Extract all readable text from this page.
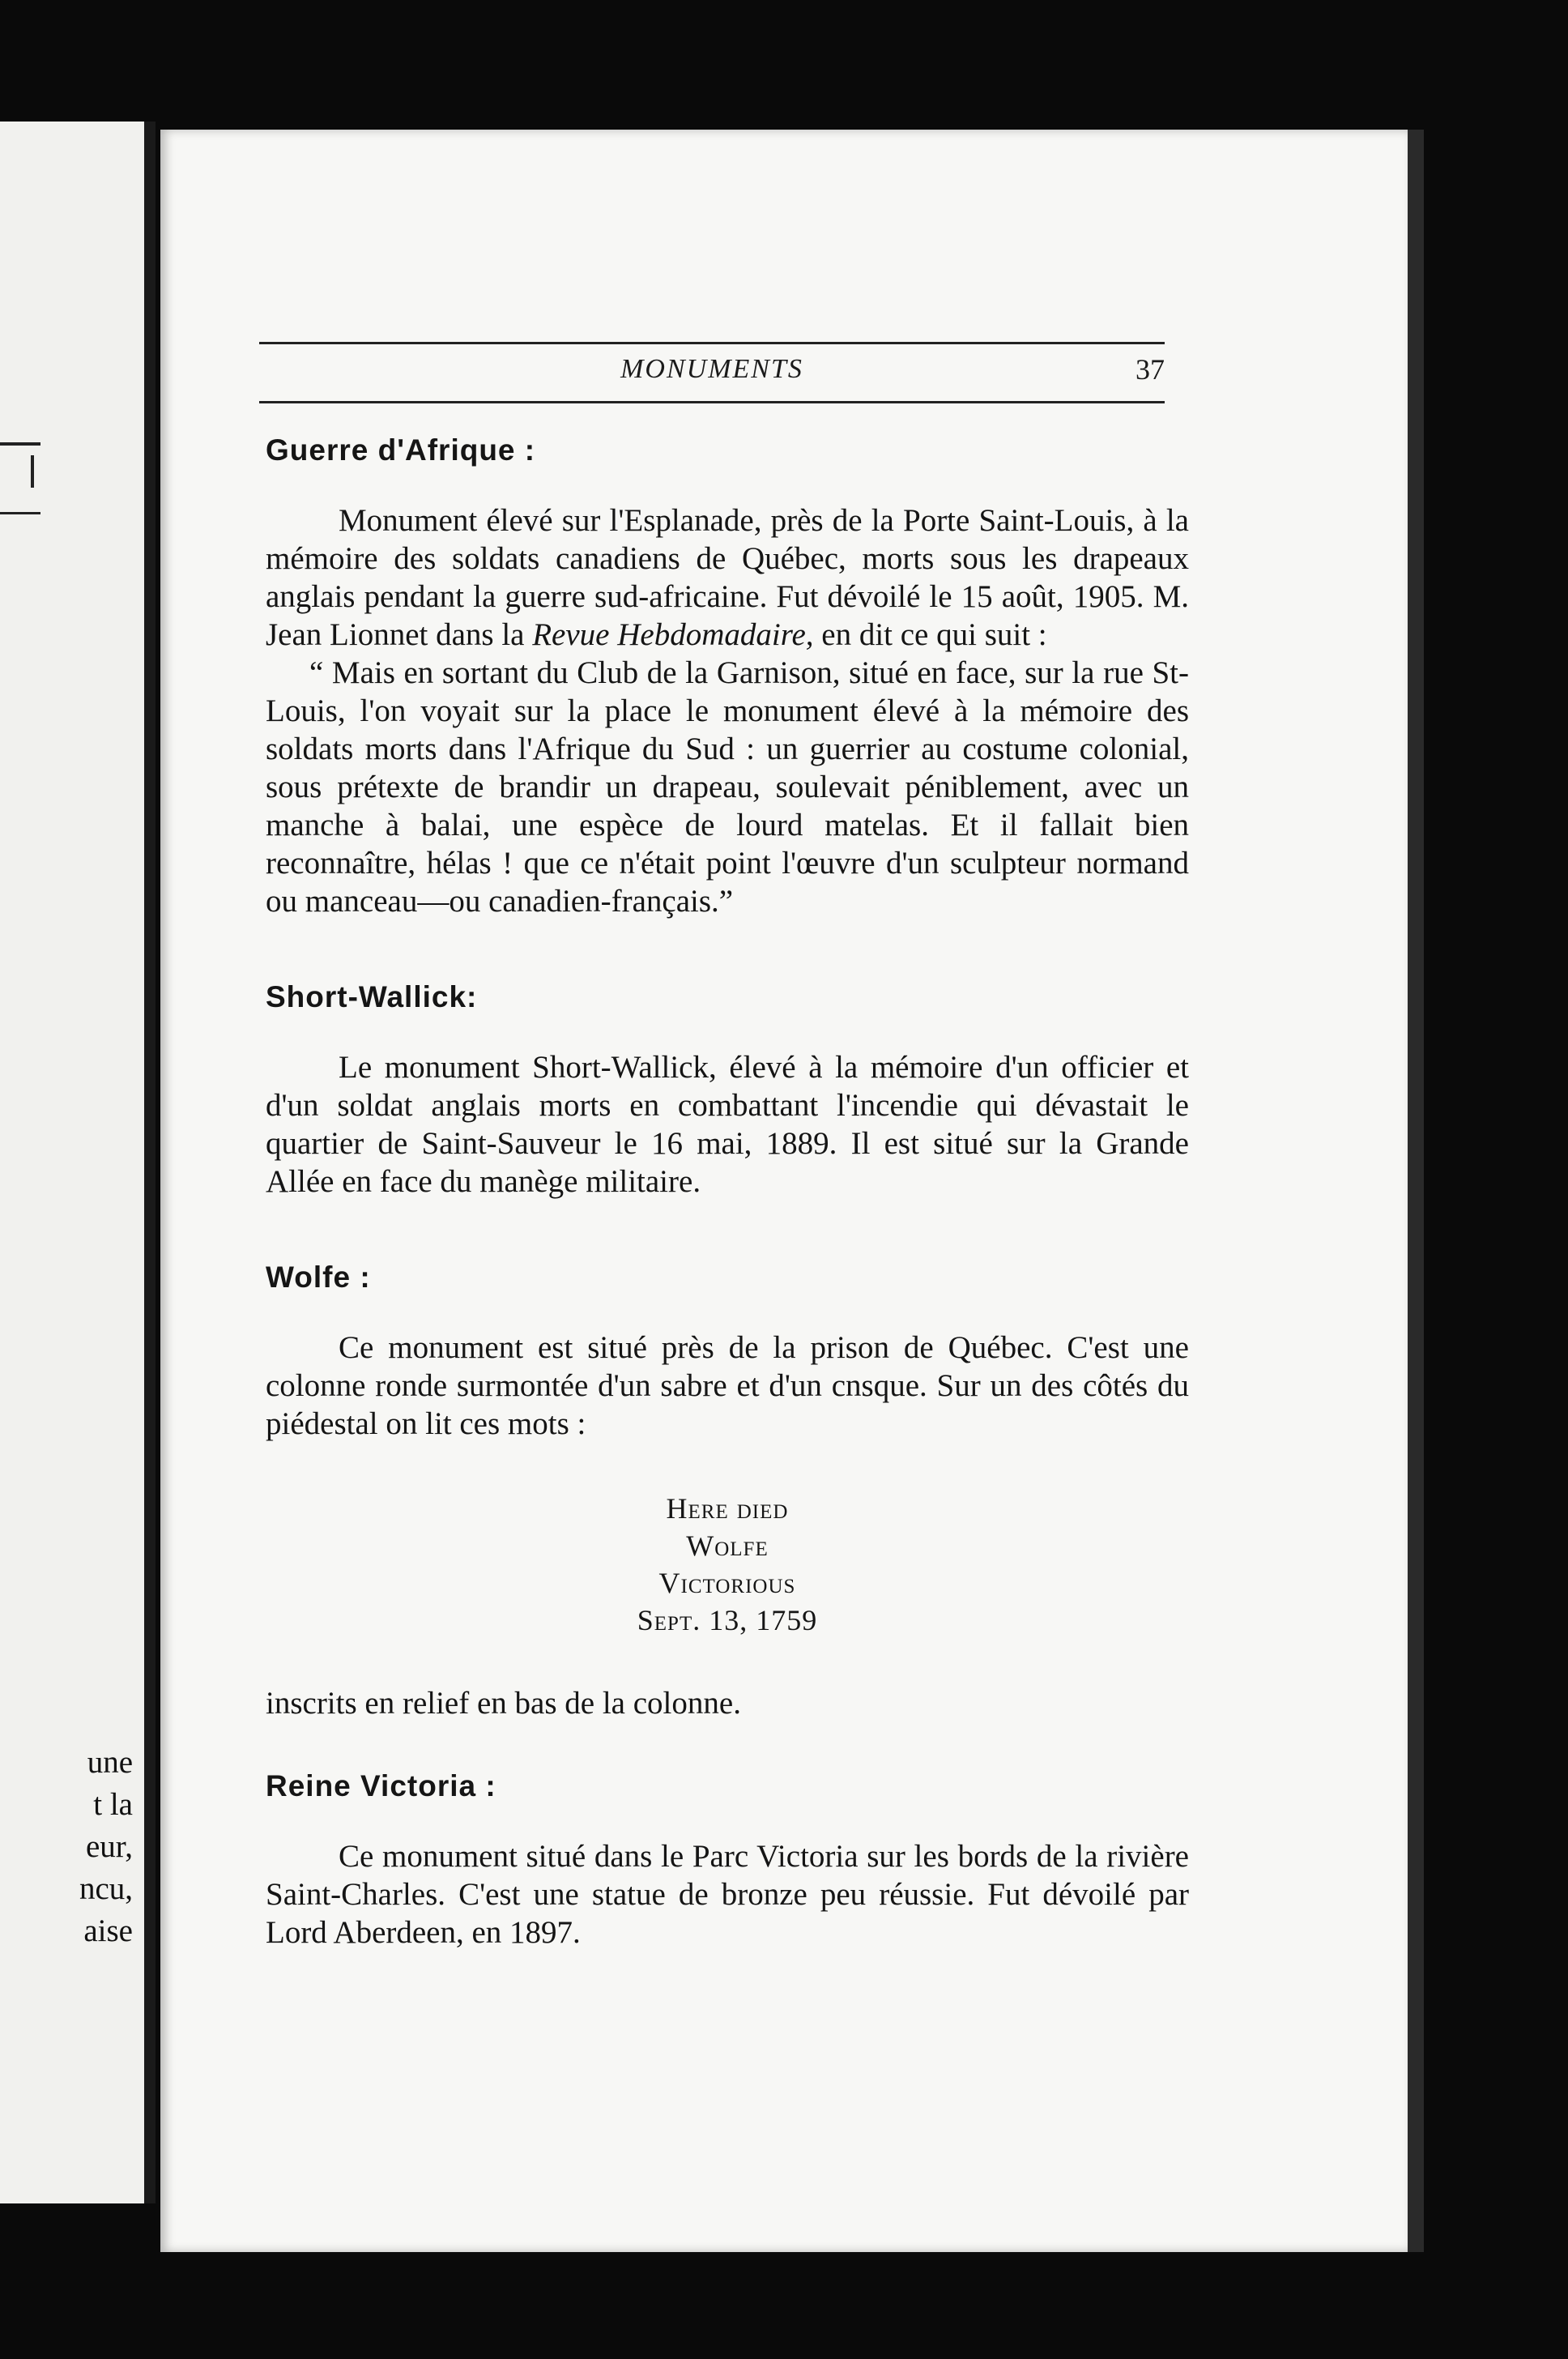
une
t la
eur,
ncu,
aise
MONUMENTS	37
Guerre d'Afrique :

Monument élevé sur l'Esplanade, près de la Porte Saint-Louis, à la mémoire des soldats canadiens de Québec, morts sous les drapeaux anglais pendant la guerre sud-africaine. Fut dévoilé le 15 août, 1905. M. Jean Lionnet dans la Revue Hebdomadaire, en dit ce qui suit :

“ Mais en sortant du Club de la Garnison, situé en face, sur la rue St-Louis, l'on voyait sur la place le monument élevé à la mémoire des soldats morts dans l'Afrique du Sud : un guerrier au costume colonial, sous prétexte de brandir un drapeau, soulevait péniblement, avec un manche à balai, une espèce de lourd matelas. Et il fallait bien reconnaître, hélas ! que ce n'était point l'œuvre d'un sculpteur normand ou manceau—ou canadien-français.”

Short-Wallick:

Le monument Short-Wallick, élevé à la mémoire d'un officier et d'un soldat anglais morts en combattant l'incendie qui dévastait le quartier de Saint-Sauveur le 16 mai, 1889. Il est situé sur la Grande Allée en face du manège militaire.

Wolfe :

Ce monument est situé près de la prison de Québec. C'est une colonne ronde surmontée d'un sabre et d'un cnsque. Sur un des côtés du piédestal on lit ces mots :

Here died
Wolfe
Victorious
Sept. 13, 1759

inscrits en relief en bas de la colonne.

Reine Victoria :

Ce monument situé dans le Parc Victoria sur les bords de la rivière Saint-Charles. C'est une statue de bronze peu réussie. Fut dévoilé par Lord Aberdeen, en 1897.
